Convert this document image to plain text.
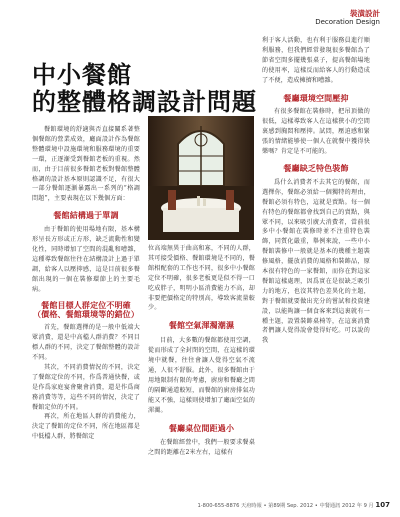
裝潢設計
Decoration Design
中小餐館
的整體格調設計問題

餐館環境的舒適與否直接關系著整個餐館的營業成效，廳面設計作為餐館整體環境中設施環境和服務環境的重要一環，正逐漸受到餐館老板的重視。然而，由于目前很多餐館老板對餐館整體格調的設計基本原則認識不足，有很大一部分餐館逐漸暴露出一系列的“格調問題”，主要表現在以下幾個方面：

餐館結構過于單調

由于餐館的使用場地有限，基本構形呈長方形或正方形，缺乏流動性和變化性，同時增加了空間的混亂和嘈雜，這種導致餐館往往在結構設計上過于單調，給客人以壓抑感，這是目前很多餐館出現的一個在裝修環節上的主要毛病。

餐館目標人群定位不明確
（價格、餐館環境等的錯位）

首先，餐館選擇的是一般中低端大眾消費，還是中高檔人群消費？不同目標人群的不同，決定了餐館整體的設計不同。

其次，不同消費情況的不同，決定了餐館定位的不同，作爲普通快餐，或是作爲家庭宴會聚會消費，還是作爲商務消費等等，這些不同的情況，決定了餐館定位的不同。

再次，所在地區人群的消費能力，決定了餐館的定位不同，所在地區都是中低檔人群，將餐館定

位高端無異于曲高和寡，不同的人群，其可接受價格、餐館環境是不同的，餐館相配套的工作也不同，很多中小餐館定位不明確，很多老板更是似不得一口吃成胖子，明明小區消費能力不高，却非要把價格定的特別高，導致客流量較少。

餐館空氣渾濁潮濕

目前，大多數的餐館都使用空調，從而形成了全封閉的空間，在這樣的環境中就餐，往往會讓人覺得空氣不流通，人很不舒服。此外，很多餐館由于用地限制有限的考慮，廚房和餐廳之間的隔斷通道較短，而餐館的廚房排氣功能又不強，這樣則使增加了廳面空氣的渾濁。

餐廳桌位間距過小

在餐館經營中，我們一般要求餐桌之間的距離在2米左右，這樣有

利于客人活動，也有利于服務員進行順利服務，但我們經常發現很多餐館為了節省空間多擺幾張桌子，提高餐館場地的使用率，這樣反而給客人的行動造成了不便，造成擁擠和嘈雜。

餐廳環境空間壓抑

有很多餐館在裝修時，把吊頂做的很低，這樣導致客人在這樣狹小的空間裏感到胸悶和壓抑。試問，壓迫感和緊張的情緒能够使一個人在就餐中獲得快樂嗎？肯定是不可能的。

餐廳缺乏特色裝飾

爲什么消費者不去其它的餐館，而選擇你，餐館必須給一個獨特的理由，餐館必須有特色，這就是賣點。每一個有特色的餐館都會找到自己的賣點，與眾不同，以來吸引廣大消費者，當前很多中小餐館在裝修時並不注重特色裝飾，同質化嚴重，舉例來說，一些中小餐館裝修中一般就是基本的幾種主題裝修風格，擺放消費的風格和裝飾品，原本很有特色的一家餐館，而你在對這家餐館這樣處理，因爲實在是很缺乏吸引力的地方，也沒其特色差異化的主題，對于餐館就要做出充分的嘗試和投資建設，以能夠讓一個食客來到這裏就有一種主題，設置裝飾桌椅等，在這裏消費者們讓人覺得說會覺得好吃。可以說的我

1-800-655-8876 天府時報 • 第89期 Sep. 2012 • 中餐通訊 2012 年 9 月 107
